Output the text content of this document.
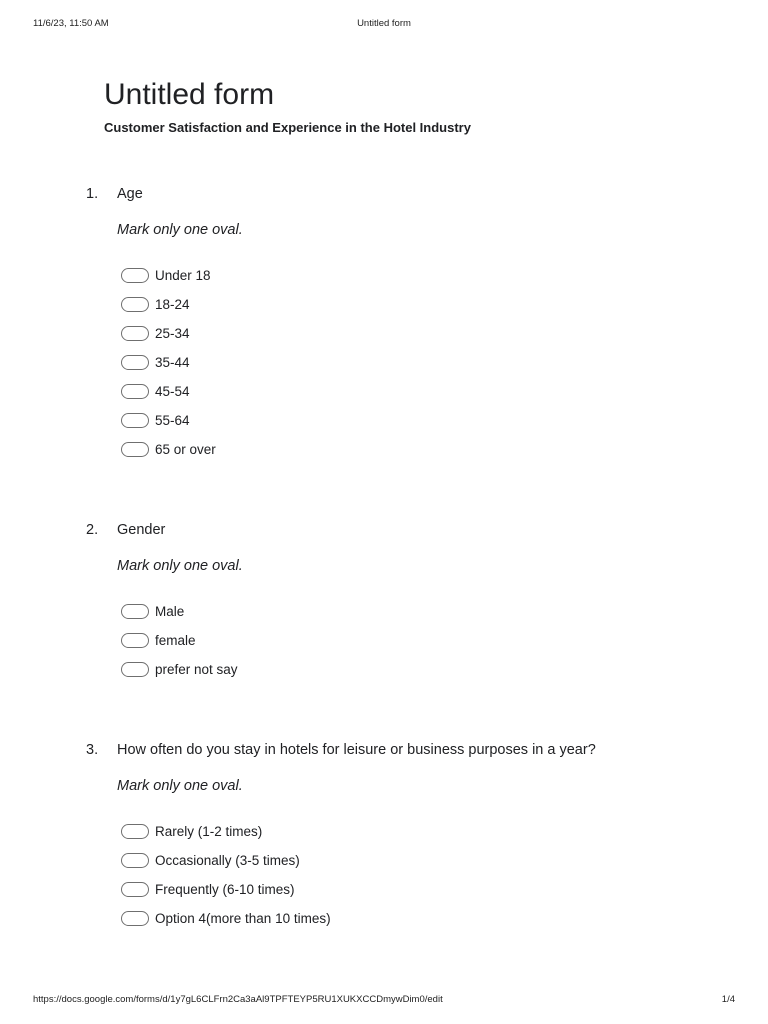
11/6/23, 11:50 AM	Untitled form
Untitled form
Customer Satisfaction and Experience in the Hotel Industry
1. Age
Mark only one oval.
Under 18
18-24
25-34
35-44
45-54
55-64
65 or over
2. Gender
Mark only one oval.
Male
female
prefer not say
3. How often do you stay in hotels for leisure or business purposes in a year?
Mark only one oval.
Rarely (1-2 times)
Occasionally (3-5 times)
Frequently (6-10 times)
Option 4(more than 10 times)
https://docs.google.com/forms/d/1y7gL6CLFrn2Ca3aAl9TPFTEYP5RU1XUKXCCDmywDim0/edit	1/4
